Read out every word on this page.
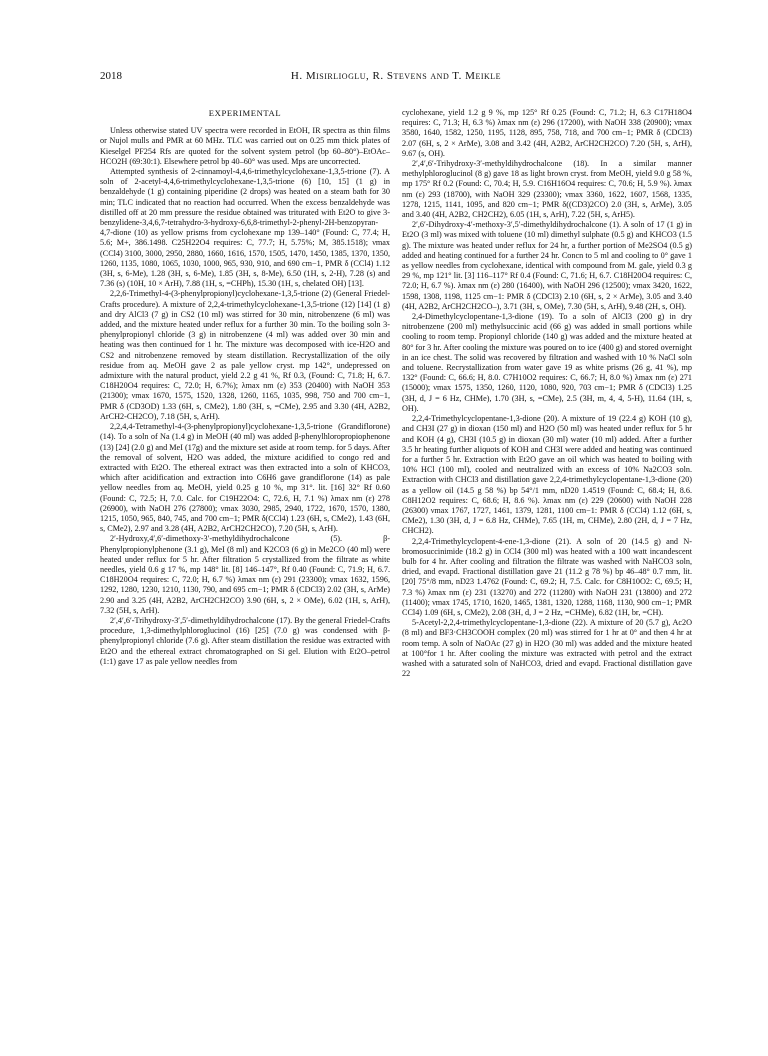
2018	H. Misirlioglu, R. Stevens and T. Meikle
EXPERIMENTAL

Unless otherwise stated UV spectra were recorded in EtOH, IR spectra as thin films or Nujol mulls and PMR at 60 MHz. TLC was carried out on 0.25 mm thick plates of Kieselgel PF254 Rfs are quoted for the solvent system petrol (bp 60–80°)–EtOAc–HCO2H (69:30:1). Elsewhere petrol bp 40–60° was used. Mps are uncorrected.

Attempted synthesis of 2-cinnamoyl-4,4,6-trimethylcyclohexane-1,3,5-trione (7). A soln of 2-acetyl-4,4,6-trimethylcyclohexane-1,3,5-trione (6) [10, 15] (1 g) in benzaldehyde (1 g) containing piperidine (2 drops) was heated on a steam bath for 30 min; TLC indicated that no reaction had occurred. When the excess benzaldehyde was distilled off at 20 mm pressure the residue obtained was triturated with Et2O to give 3-benzylidene-3,4,6,7-tetrahydro-3-hydroxy-6,6,8-trimethyl-2-phenyl-2H-benzopyran-4,7-dione (10) as yellow prisms from cyclohexane mp 139–140° (Found: C, 77.4; H, 5.6; M+, 386.1498. C25H22O4 requires: C, 77.7; H, 5.75%; M, 385.1518); νmax (CCl4) 3100, 3000, 2950, 2880, 1660, 1616, 1570, 1505, 1470, 1450, 1385, 1370, 1350, 1260, 1135, 1080, 1065, 1030, 1000, 965, 930, 910, and 690 cm−1, PMR δ (CCl4) 1.12 (3H, s, 6-Me), 1.28 (3H, s, 6-Me), 1.85 (3H, s, 8-Me), 6.50 (1H, s, 2-H), 7.28 (s) and 7.36 (s) (10H, 10 × ArH), 7.88 (1H, s, =CHPh), 15.30 (1H, s, chelated OH) [13].

2,2,6-Trimethyl-4-(3-phenylpropionyl)cyclohexane-1,3,5-trione (2) (General Friedel-Crafts procedure). A mixture of 2,2,4-trimethylcyclohexane-1,3,5-trione (12) [14] (1 g) and dry AlCl3 (7 g) in CS2 (10 ml) was stirred for 30 min, nitrobenzene (6 ml) was added, and the mixture heated under reflux for a further 30 min. To the boiling soln 3-phenylpropionyl chloride (3 g) in nitrobenzene (4 ml) was added over 30 min and heating was then continued for 1 hr. The mixture was decomposed with ice-H2O and CS2 and nitrobenzene removed by steam distillation. Recrystallization of the oily residue from aq. MeOH gave 2 as pale yellow cryst. mp 142°, undepressed on admixture with the natural product, yield 2.2 g 41 %, Rf 0.3, (Found: C, 71.8; H, 6.7. C18H20O4 requires: C, 72.0; H, 6.7%); λmax nm (ε) 353 (20400) with NaOH 353 (21300); νmax 1670, 1575, 1520, 1328, 1260, 1165, 1035, 998, 750 and 700 cm−1, PMR δ (CD3OD) 1.33 (6H, s, CMe2), 1.80 (3H, s, =CMe), 2.95 and 3.30 (4H, A2B2, ArCH2-CH2CO), 7.18 (5H, s, ArH).

2,2,4,4-Tetramethyl-4-(3-phenylpropionyl)cyclohexane-1,3,5-trione (Grandiflorone) (14). To a soln of Na (1.4 g) in MeOH (40 ml) was added β-phenylhloropropiophenone (13) [24] (2.0 g) and MeI (17g) and the mixture set aside at room temp. for 5 days. After the removal of solvent, H2O was added, the mixture acidified to congo red and extracted with Et2O. The ethereal extract was then extracted into a soln of KHCO3, which after acidification and extraction into C6H6 gave grandiflorone (14) as pale yellow needles from aq. MeOH, yield 0.25 g 10 %, mp 31°. lit. [16] 32° Rf 0.60 (Found: C, 72.5; H, 7.0. Calc. for C19H22O4: C, 72.6, H, 7.1 %) λmax nm (ε) 278 (26900), with NaOH 276 (27800); νmax 3030, 2985, 2940, 1722, 1670, 1570, 1380, 1215, 1050, 965, 840, 745, and 700 cm−1; PMR δ(CCl4) 1.23 (6H, s, CMe2), 1.43 (6H, s, CMe2), 2.97 and 3.28 (4H, A2B2, ArCH2CH2CO), 7.20 (5H, s, ArH).

2′-Hydroxy,4′,6′-dimethoxy-3′-methyldihydrochalcone (5). β-Phenylpropionylphenone (3.1 g), MeI (8 ml) and K2CO3 (6 g) in Me2CO (40 ml) were heated under reflux for 5 hr. After filtration 5 crystallized from the filtrate as white needles, yield 0.6 g 17 %, mp 148° lit. [8] 146–147°, Rf 0.40 (Found: C, 71.9; H, 6.7. C18H20O4 requires: C, 72.0; H, 6.7 %) λmax nm (ε) 291 (23300); νmax 1632, 1596, 1292, 1280, 1230, 1210, 1130, 790, and 695 cm−1; PMR δ (CDCl3) 2.02 (3H, s, ArMe) 2.90 and 3.25 (4H, A2B2, ArCH2CH2CO) 3.90 (6H, s, 2 × OMe), 6.02 (1H, s, ArH), 7.32 (5H, s, ArH).

2′,4′,6′-Trihydroxy-3′,5′-dimethyldihydrochalcone (17). By the general Friedel-Crafts procedure, 1,3-dimethylphloroglucinol (16) [25] (7.0 g) was condensed with β-phenylpropionyl chloride (7.6 g). After steam distillation the residue was extracted with Et2O and the ethereal extract chromatographed on Si gel. Elution with Et2O–petrol (1:1) gave 17 as pale yellow needles from

cyclohexane, yield 1.2 g 9 %, mp 125° Rf 0.25 (Found: C, 71.2; H, 6.3 C17H18O4 requires: C, 71.3; H, 6.3 %) λmax nm (ε) 296 (17200), with NaOH 338 (20900); νmax 3580, 1640, 1582, 1250, 1195, 1128, 895, 758, 718, and 700 cm−1; PMR δ (CDCl3) 2.07 (6H, s, 2 × ArMe), 3.08 and 3.42 (4H, A2B2, ArCH2CH2CO) 7.20 (5H, s, ArH), 9.67 (s, OH).

2′,4′,6′-Trihydroxy-3′-methyldihydrochalcone (18). In a similar manner methylphloroglucinol (8 g) gave 18 as light brown cryst. from MeOH, yield 9.0 g 58 %, mp 175° Rf 0.2 (Found: C, 70.4; H, 5.9. C16H16O4 requires: C, 70.6; H, 5.9 %). λmax nm (ε) 293 (18700), with NaOH 329 (23300); νmax 3360, 1622, 1607, 1568, 1335, 1278, 1215, 1141, 1095, and 820 cm−1; PMR δ((CD3)2CO) 2.0 (3H, s, ArMe), 3.05 and 3.40 (4H, A2B2, CH2CH2), 6.05 (1H, s, ArH), 7.22 (5H, s, ArH5).

2′,6′-Dihydroxy-4′-methoxy-3′,5′-dimethyldihydrochalcone (1). A soln of 17 (1 g) in Et2O (3 ml) was mixed with toluene (10 ml) dimethyl sulphate (0.5 g) and KHCO3 (1.5 g). The mixture was heated under reflux for 24 hr, a further portion of Me2SO4 (0.5 g) added and heating continued for a further 24 hr. Concn to 5 ml and cooling to 0° gave 1 as yellow needles from cyclohexane, identical with compound from M. gale, yield 0.3 g 29 %, mp 121° lit. [3] 116–117° Rf 0.4 (Found: C, 71.6; H, 6.7. C18H20O4 requires: C, 72.0; H, 6.7 %). λmax nm (ε) 280 (16400), with NaOH 296 (12500); νmax 3420, 1622, 1598, 1308, 1198, 1125 cm−1: PMR δ (CDCl3) 2.10 (6H, s, 2 × ArMe), 3.05 and 3.40 (4H, A2B2, ArCH2CH2CO–), 3.71 (3H, s, OMe), 7.30 (5H, s, ArH), 9.48 (2H, s, OH).

2,4-Dimethylcyclopentane-1,3-dione (19). To a soln of AlCl3 (200 g) in dry nitrobenzene (200 ml) methylsuccinic acid (66 g) was added in small portions while cooling to room temp. Propionyl chloride (140 g) was added and the mixture heated at 80° for 3 hr. After cooling the mixture was poured on to ice (400 g) and stored overnight in an ice chest. The solid was recovered by filtration and washed with 10 % NaCl soln and toluene. Recrystallization from water gave 19 as white prisms (26 g, 41 %), mp 132° (Found: C, 66.6; H, 8.0. C7H10O2 requires: C, 66.7; H, 8.0 %) λmax nm (ε) 271 (15000); νmax 1575, 1350, 1260, 1120, 1080, 920, 703 cm−1; PMR δ (CDCl3) 1.25 (3H, d, J = 6 Hz, CHMe), 1.70 (3H, s, =CMe), 2.5 (3H, m, 4, 4, 5-H), 11.64 (1H, s, OH).

2,2,4-Trimethylcyclopentane-1,3-dione (20). A mixture of 19 (22.4 g) KOH (10 g), and CH3I (27 g) in dioxan (150 ml) and H2O (50 ml) was heated under reflux for 5 hr and KOH (4 g), CH3I (10.5 g) in dioxan (30 ml) water (10 ml) added. After a further 3.5 hr heating further aliquots of KOH and CH3I were added and heating was continued for a further 5 hr. Extraction with Et2O gave an oil which was heated to boiling with 10% HCl (100 ml), cooled and neutralized with an excess of 10% Na2CO3 soln. Extraction with CHCl3 and distillation gave 2,2,4-trimethylcyclopentane-1,3-dione (20) as a yellow oil (14.5 g 58 %) bp 54°/1 mm, nD20 1.4519 (Found: C, 68.4; H, 8.6. C8H12O2 requires: C, 68.6; H, 8.6 %). λmax nm (ε) 229 (20600) with NaOH 228 (26300) νmax 1767, 1727, 1461, 1379, 1281, 1100 cm−1: PMR δ (CCl4) 1.12 (6H, s, CMe2), 1.30 (3H, d, J = 6.8 Hz, CHMe), 7.65 (1H, m, CHMe), 2.80 (2H, d, J = 7 Hz, CHCH2).

2,2,4-Trimethylcyclopent-4-ene-1,3-dione (21). A soln of 20 (14.5 g) and N-bromosuccinimide (18.2 g) in CCl4 (300 ml) was heated with a 100 watt incandescent bulb for 4 hr. After cooling and filtration the filtrate was washed with NaHCO3 soln, dried, and evapd. Fractional distillation gave 21 (11.2 g 78 %) bp 46–48° 0.7 mm, lit. [20] 75°/8 mm, nD23 1.4762 (Found: C, 69.2; H, 7.5. Calc. for C8H10O2: C, 69.5; H, 7.3 %) λmax nm (ε) 231 (13270) and 272 (11280) with NaOH 231 (13800) and 272 (11400); νmax 1745, 1710, 1620, 1465, 1381, 1320, 1288, 1168, 1130, 900 cm−1; PMR CCl4) 1.09 (6H, s, CMe2), 2.08 (3H, d, J = 2 Hz, =CHMe), 6.82 (1H, br, =CH).

5-Acetyl-2,2,4-trimethylcyclopentane-1,3-dione (22). A mixture of 20 (5.7 g), Ac2O (8 ml) and BF3·CH3COOH complex (20 ml) was stirred for 1 hr at 0° and then 4 hr at room temp. A soln of NaOAc (27 g) in H2O (30 ml) was added and the mixture heated at 100°for 1 hr. After cooling the mixture was extracted with petrol and the extract washed with a saturated soln of NaHCO3, dried and evapd. Fractional distillation gave 22
